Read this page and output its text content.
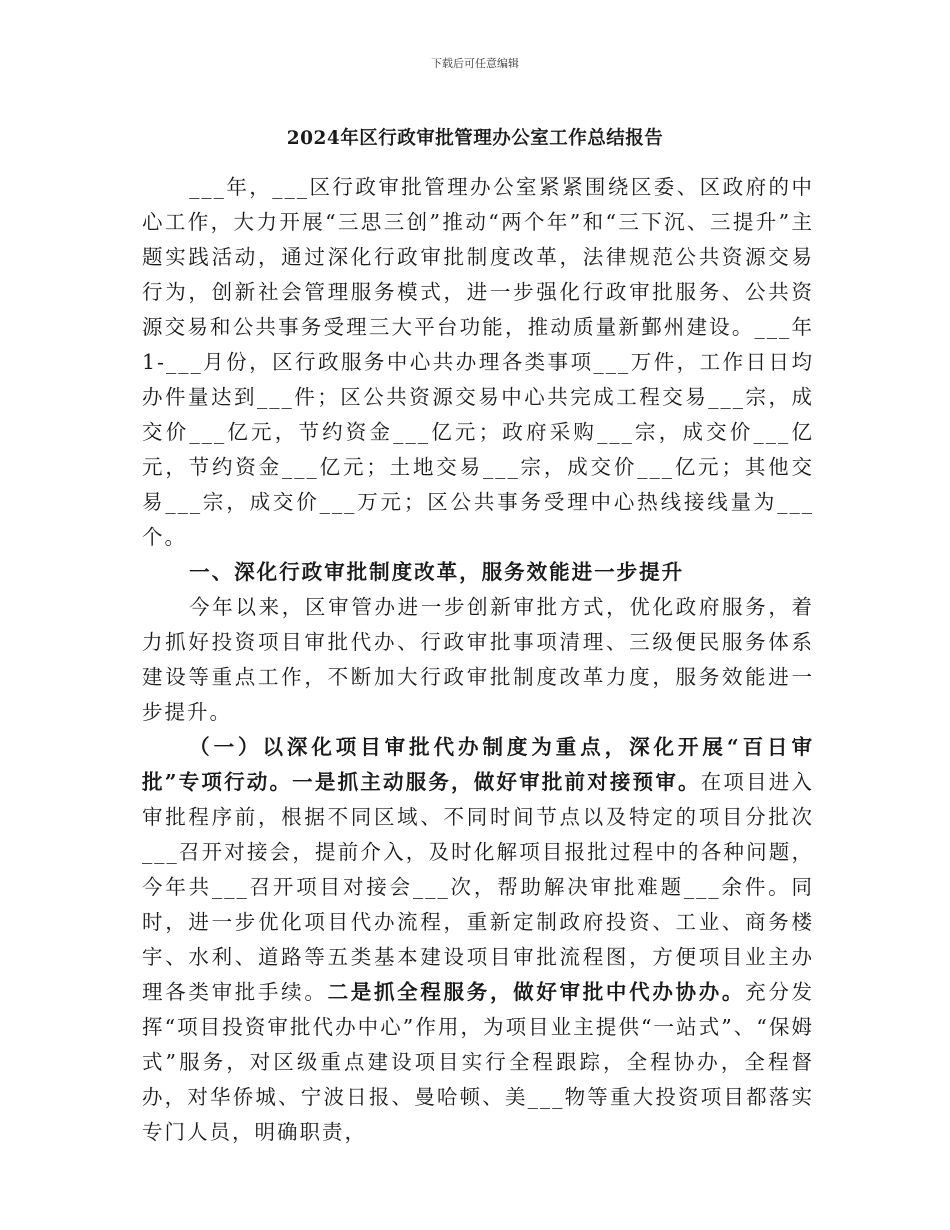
下载后可任意编辑
2024年区行政审批管理办公室工作总结报告

___年，___区行政审批管理办公室紧紧围绕区委、区政府的中心工作，大力开展“三思三创”推动“两个年”和“三下沉、三提升”主题实践活动，通过深化行政审批制度改革，法律规范公共资源交易行为，创新社会管理服务模式，进一步强化行政审批服务、公共资源交易和公共事务受理三大平台功能，推动质量新鄞州建设。___年1-___月份，区行政服务中心共办理各类事项___万件，工作日日均办件量达到___件；区公共资源交易中心共完成工程交易___宗，成交价___亿元，节约资金___亿元；政府采购___宗，成交价___亿元，节约资金___亿元；土地交易___宗，成交价___亿元；其他交易___宗，成交价___万元；区公共事务受理中心热线接线量为___个。

一、深化行政审批制度改革，服务效能进一步提升

今年以来，区审管办进一步创新审批方式，优化政府服务，着力抓好投资项目审批代办、行政审批事项清理、三级便民服务体系建设等重点工作，不断加大行政审批制度改革力度，服务效能进一步提升。

（一）以深化项目审批代办制度为重点，深化开展“百日审批”专项行动。一是抓主动服务，做好审批前对接预审。在项目进入审批程序前，根据不同区域、不同时间节点以及特定的项目分批次___召开对接会，提前介入，及时化解项目报批过程中的各种问题，今年共___召开项目对接会___次，帮助解决审批难题___余件。同时，进一步优化项目代办流程，重新定制政府投资、工业、商务楼宇、水利、道路等五类基本建设项目审批流程图，方便项目业主办理各类审批手续。二是抓全程服务，做好审批中代办协办。充分发挥“项目投资审批代办中心”作用，为项目业主提供“一站式”、“保姆式”服务，对区级重点建设项目实行全程跟踪，全程协办，全程督办，对华侨城、宁波日报、曼哈顿、美___物等重大投资项目都落实专门人员，明确职责，
